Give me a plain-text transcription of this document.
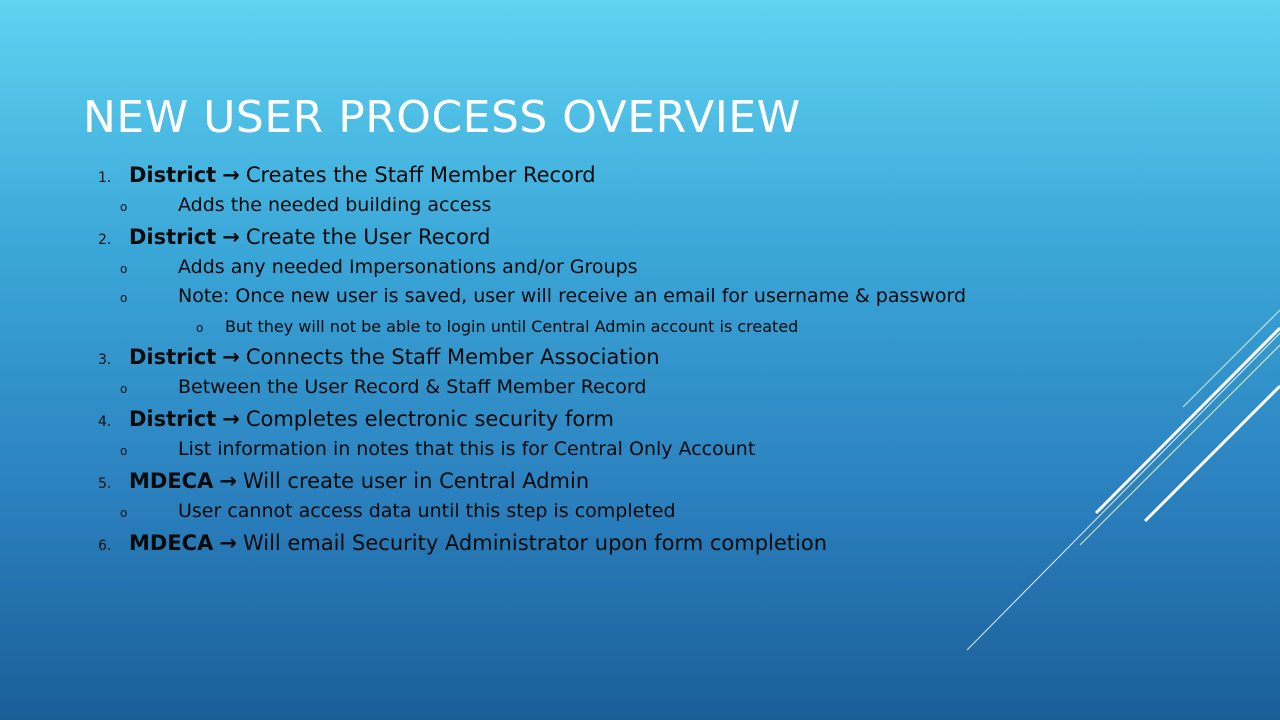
NEW USER PROCESS OVERVIEW
1. District → Creates the Staff Member Record
o	Adds the needed building access
2. District → Create the User Record
o	Adds any needed Impersonations and/or Groups
o	Note: Once new user is saved, user will receive an email for username & password
o	But they will not be able to login until Central Admin account is created
3. District → Connects the Staff Member Association
o	Between the User Record & Staff Member Record
4. District → Completes electronic security form
o	List information in notes that this is for Central Only Account
5. MDECA → Will create user in Central Admin
o	User cannot access data until this step is completed
6. MDECA → Will email Security Administrator upon form completion
